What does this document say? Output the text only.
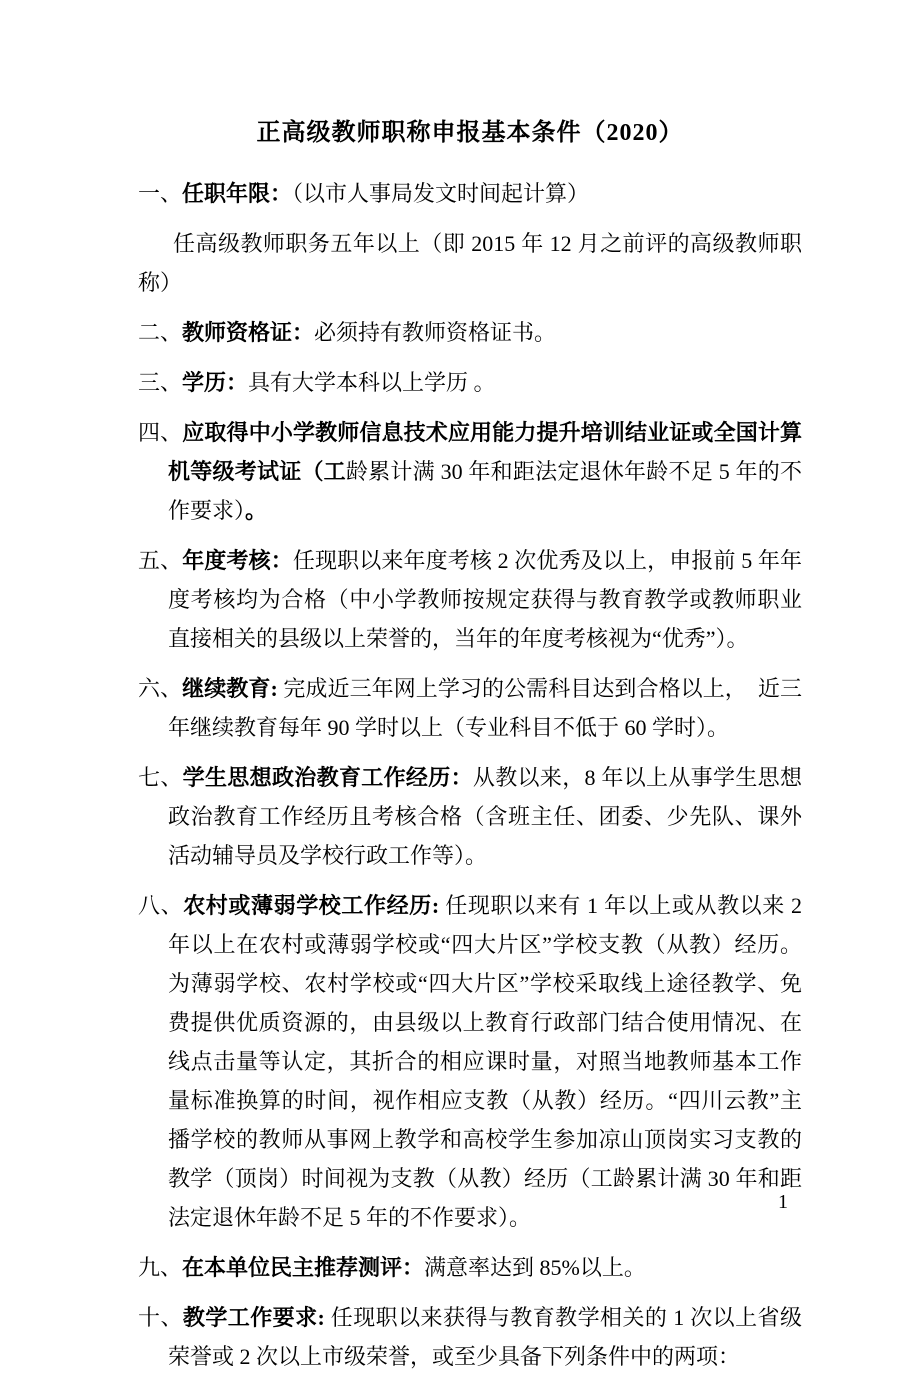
正高级教师职称申报基本条件（2020）

一、任职年限：（以市人事局发文时间起计算）

任高级教师职务五年以上（即 2015 年 12 月之前评的高级教师职称）

二、教师资格证：必须持有教师资格证书。

三、学历：具有大学本科以上学历 。

四、应取得中小学教师信息技术应用能力提升培训结业证或全国计算机等级考试证（工龄累计满 30 年和距法定退休年龄不足 5 年的不作要求）。

五、年度考核：任现职以来年度考核 2 次优秀及以上，申报前 5 年年度考核均为合格（中小学教师按规定获得与教育教学或教师职业直接相关的县级以上荣誉的，当年的年度考核视为“优秀”）。

六、继续教育: 完成近三年网上学习的公需科目达到合格以上，　近三年继续教育每年 90 学时以上（专业科目不低于 60 学时）。

七、学生思想政治教育工作经历：从教以来，8 年以上从事学生思想政治教育工作经历且考核合格（含班主任、团委、少先队、课外活动辅导员及学校行政工作等）。

八、农村或薄弱学校工作经历: 任现职以来有 1 年以上或从教以来 2 年以上在农村或薄弱学校或“四大片区”学校支教（从教）经历。为薄弱学校、农村学校或“四大片区”学校采取线上途径教学、免费提供优质资源的，由县级以上教育行政部门结合使用情况、在线点击量等认定，其折合的相应课时量，对照当地教师基本工作量标准换算的时间，视作相应支教（从教）经历。“四川云教”主播学校的教师从事网上教学和高校学生参加凉山顶岗实习支教的教学（顶岗）时间视为支教（从教）经历（工龄累计满 30 年和距法定退休年龄不足 5 年的不作要求）。

九、在本单位民主推荐测评：满意率达到 85%以上。

十、教学工作要求: 任现职以来获得与教育教学相关的 1 次以上省级荣誉或 2 次以上市级荣誉，或至少具备下列条件中的两项：

1
